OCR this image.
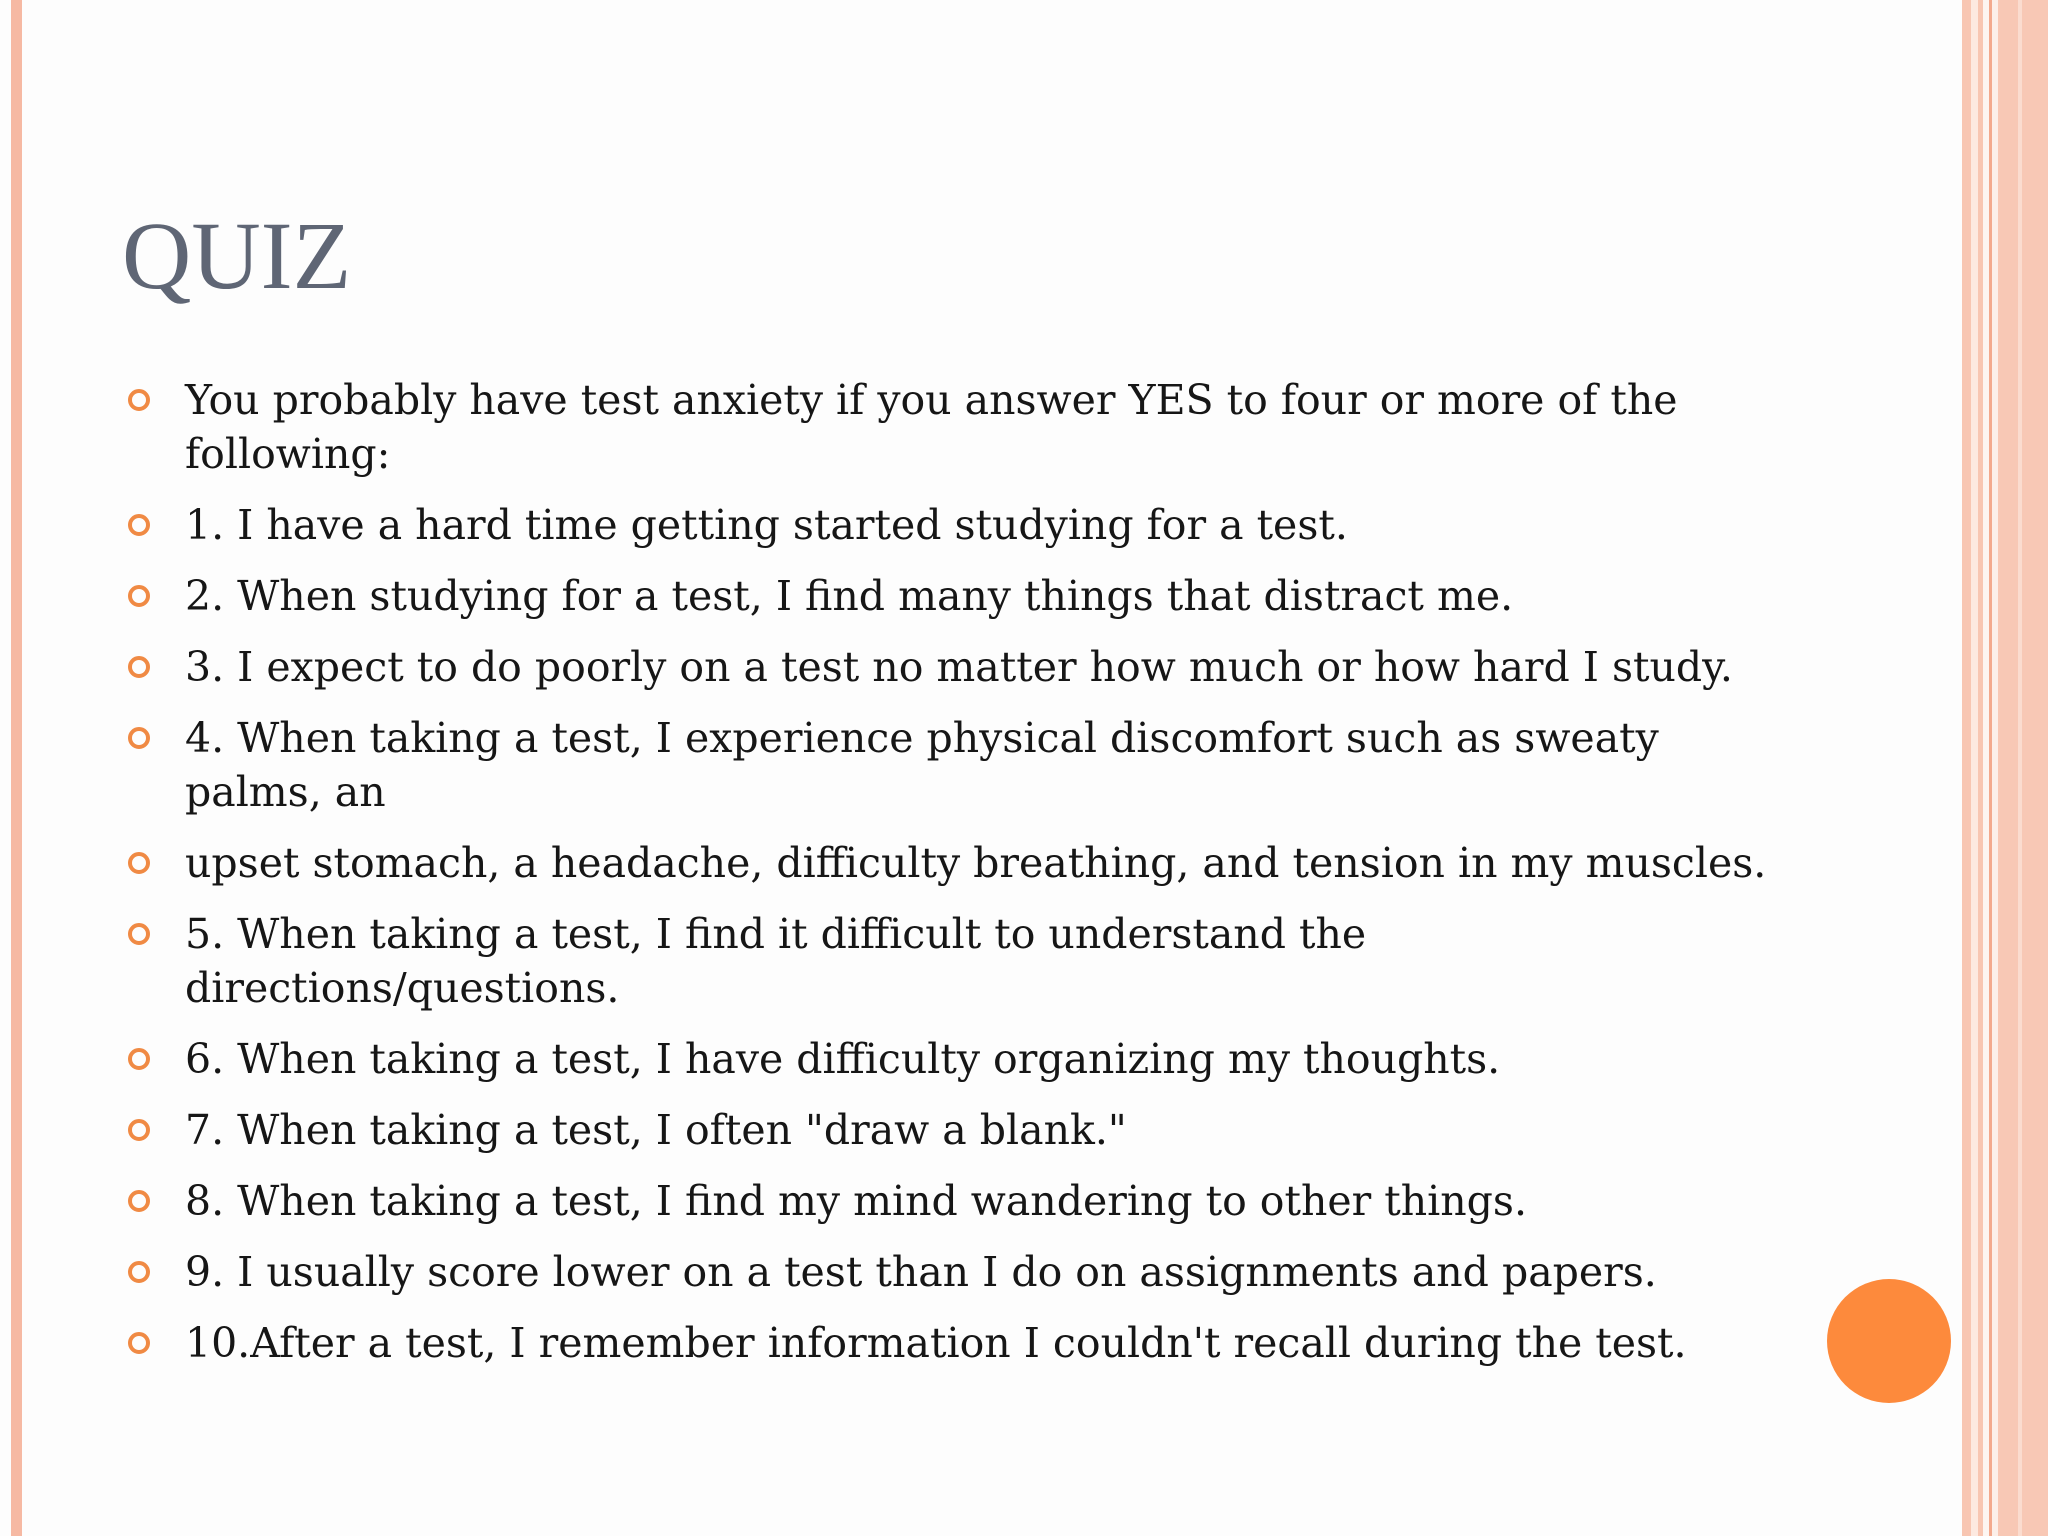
QUIZ
You probably have test anxiety if you answer YES to four or more of the following:
1. I have a hard time getting started studying for a test.
2. When studying for a test, I find many things that distract me.
3. I expect to do poorly on a test no matter how much or how hard I study.
4. When taking a test, I experience physical discomfort such as sweaty palms, an
upset stomach, a headache, difficulty breathing, and tension in my muscles.
5. When taking a test, I find it difficult to understand the directions/questions.
6. When taking a test, I have difficulty organizing my thoughts.
7. When taking a test, I often "draw a blank."
8. When taking a test, I find my mind wandering to other things.
9. I usually score lower on a test than I do on assignments and papers.
10.After a test, I remember information I couldn't recall during the test.
